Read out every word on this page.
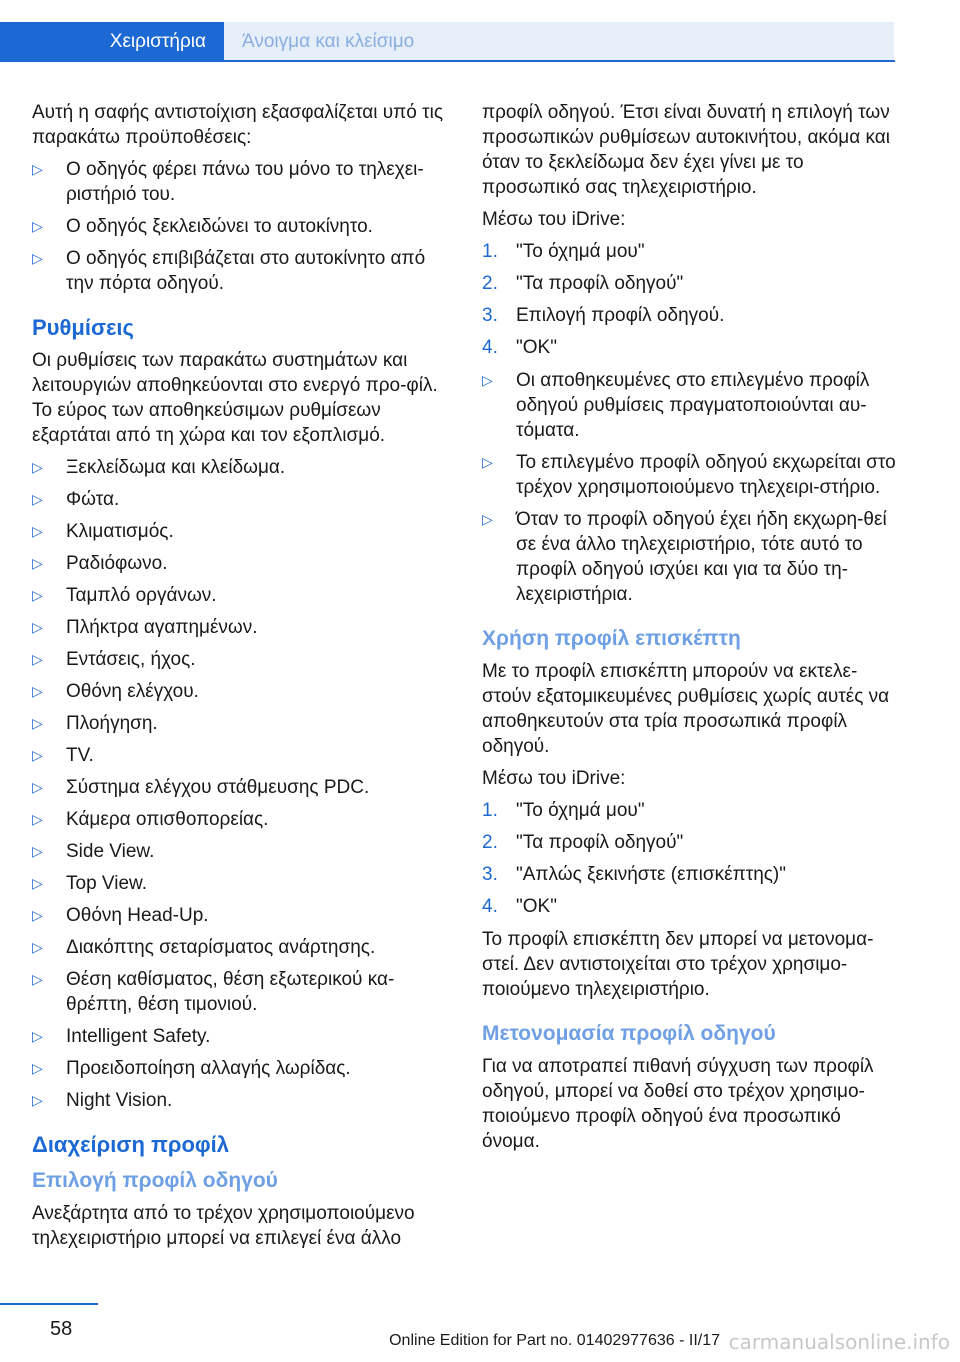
Χειριστήρια	Άνοιγμα και κλείσιμο

Αυτή η σαφής αντιστοίχιση εξασφαλίζεται υπό τις παρακάτω προϋποθέσεις:

▷ Ο οδηγός φέρει πάνω του μόνο το τηλεχει-ριστήριό του.
▷ Ο οδηγός ξεκλειδώνει το αυτοκίνητο.
▷ Ο οδηγός επιβιβάζεται στο αυτοκίνητο από την πόρτα οδηγού.
Ρυθμίσεις

Οι ρυθμίσεις των παρακάτω συστημάτων και λειτουργιών αποθηκεύονται στο ενεργό προ-φίλ. Το εύρος των αποθηκεύσιμων ρυθμίσεων εξαρτάται από τη χώρα και τον εξοπλισμό.

▷ Ξεκλείδωμα και κλείδωμα.
▷ Φώτα.
▷ Κλιματισμός.
▷ Ραδιόφωνο.
▷ Ταμπλό οργάνων.
▷ Πλήκτρα αγαπημένων.
▷ Εντάσεις, ήχος.
▷ Οθόνη ελέγχου.
▷ Πλοήγηση.
▷ TV.
▷ Σύστημα ελέγχου στάθμευσης PDC.
▷ Κάμερα οπισθοπορείας.
▷ Side View.
▷ Top View.
▷ Οθόνη Head-Up.
▷ Διακόπτης σεταρίσματος ανάρτησης.
▷ Θέση καθίσματος, θέση εξωτερικού κα-θρέπτη, θέση τιμονιού.
▷ Intelligent Safety.
▷ Προειδοποίηση αλλαγής λωρίδας.
▷ Night Vision.
Διαχείριση προφίλ
Επιλογή προφίλ οδηγού

Ανεξάρτητα από το τρέχον χρησιμοποιούμενο τηλεχειριστήριο μπορεί να επιλεγεί ένα άλλο

προφίλ οδηγού. Έτσι είναι δυνατή η επιλογή των προσωπικών ρυθμίσεων αυτοκινήτου, ακόμα και όταν το ξεκλείδωμα δεν έχει γίνει με το προσωπικό σας τηλεχειριστήριο.

Μέσω του iDrive:

1. "Το όχημά μου"
2. "Τα προφίλ οδηγού"
3. Επιλογή προφίλ οδηγού.
4. "OK"
▷ Οι αποθηκευμένες στο επιλεγμένο προφίλ οδηγού ρυθμίσεις πραγματοποιούνται αυ-τόματα.
▷ Το επιλεγμένο προφίλ οδηγού εκχωρείται στο τρέχον χρησιμοποιούμενο τηλεχειρι-στήριο.
▷ Όταν το προφίλ οδηγού έχει ήδη εκχωρη-θεί σε ένα άλλο τηλεχειριστήριο, τότε αυτό το προφίλ οδηγού ισχύει και για τα δύο τη-λεχειριστήρια.
Χρήση προφίλ επισκέπτη

Με το προφίλ επισκέπτη μπορούν να εκτελε-στούν εξατομικευμένες ρυθμίσεις χωρίς αυτές να αποθηκευτούν στα τρία προσωπικά προφίλ οδηγού.

Μέσω του iDrive:

1. "Το όχημά μου"
2. "Τα προφίλ οδηγού"
3. "Απλώς ξεκινήστε (επισκέπτης)"
4. "OK"

Το προφίλ επισκέπτη δεν μπορεί να μετονομα-στεί. Δεν αντιστοιχείται στο τρέχον χρησιμο-ποιούμενο τηλεχειριστήριο.

Μετονομασία προφίλ οδηγού

Για να αποτραπεί πιθανή σύγχυση των προφίλ οδηγού, μπορεί να δοθεί στο τρέχον χρησιμο-ποιούμενο προφίλ οδηγού ένα προσωπικό όνομα.

58
Online Edition for Part no. 01402977636 - II/17 carmanualsonline.info
